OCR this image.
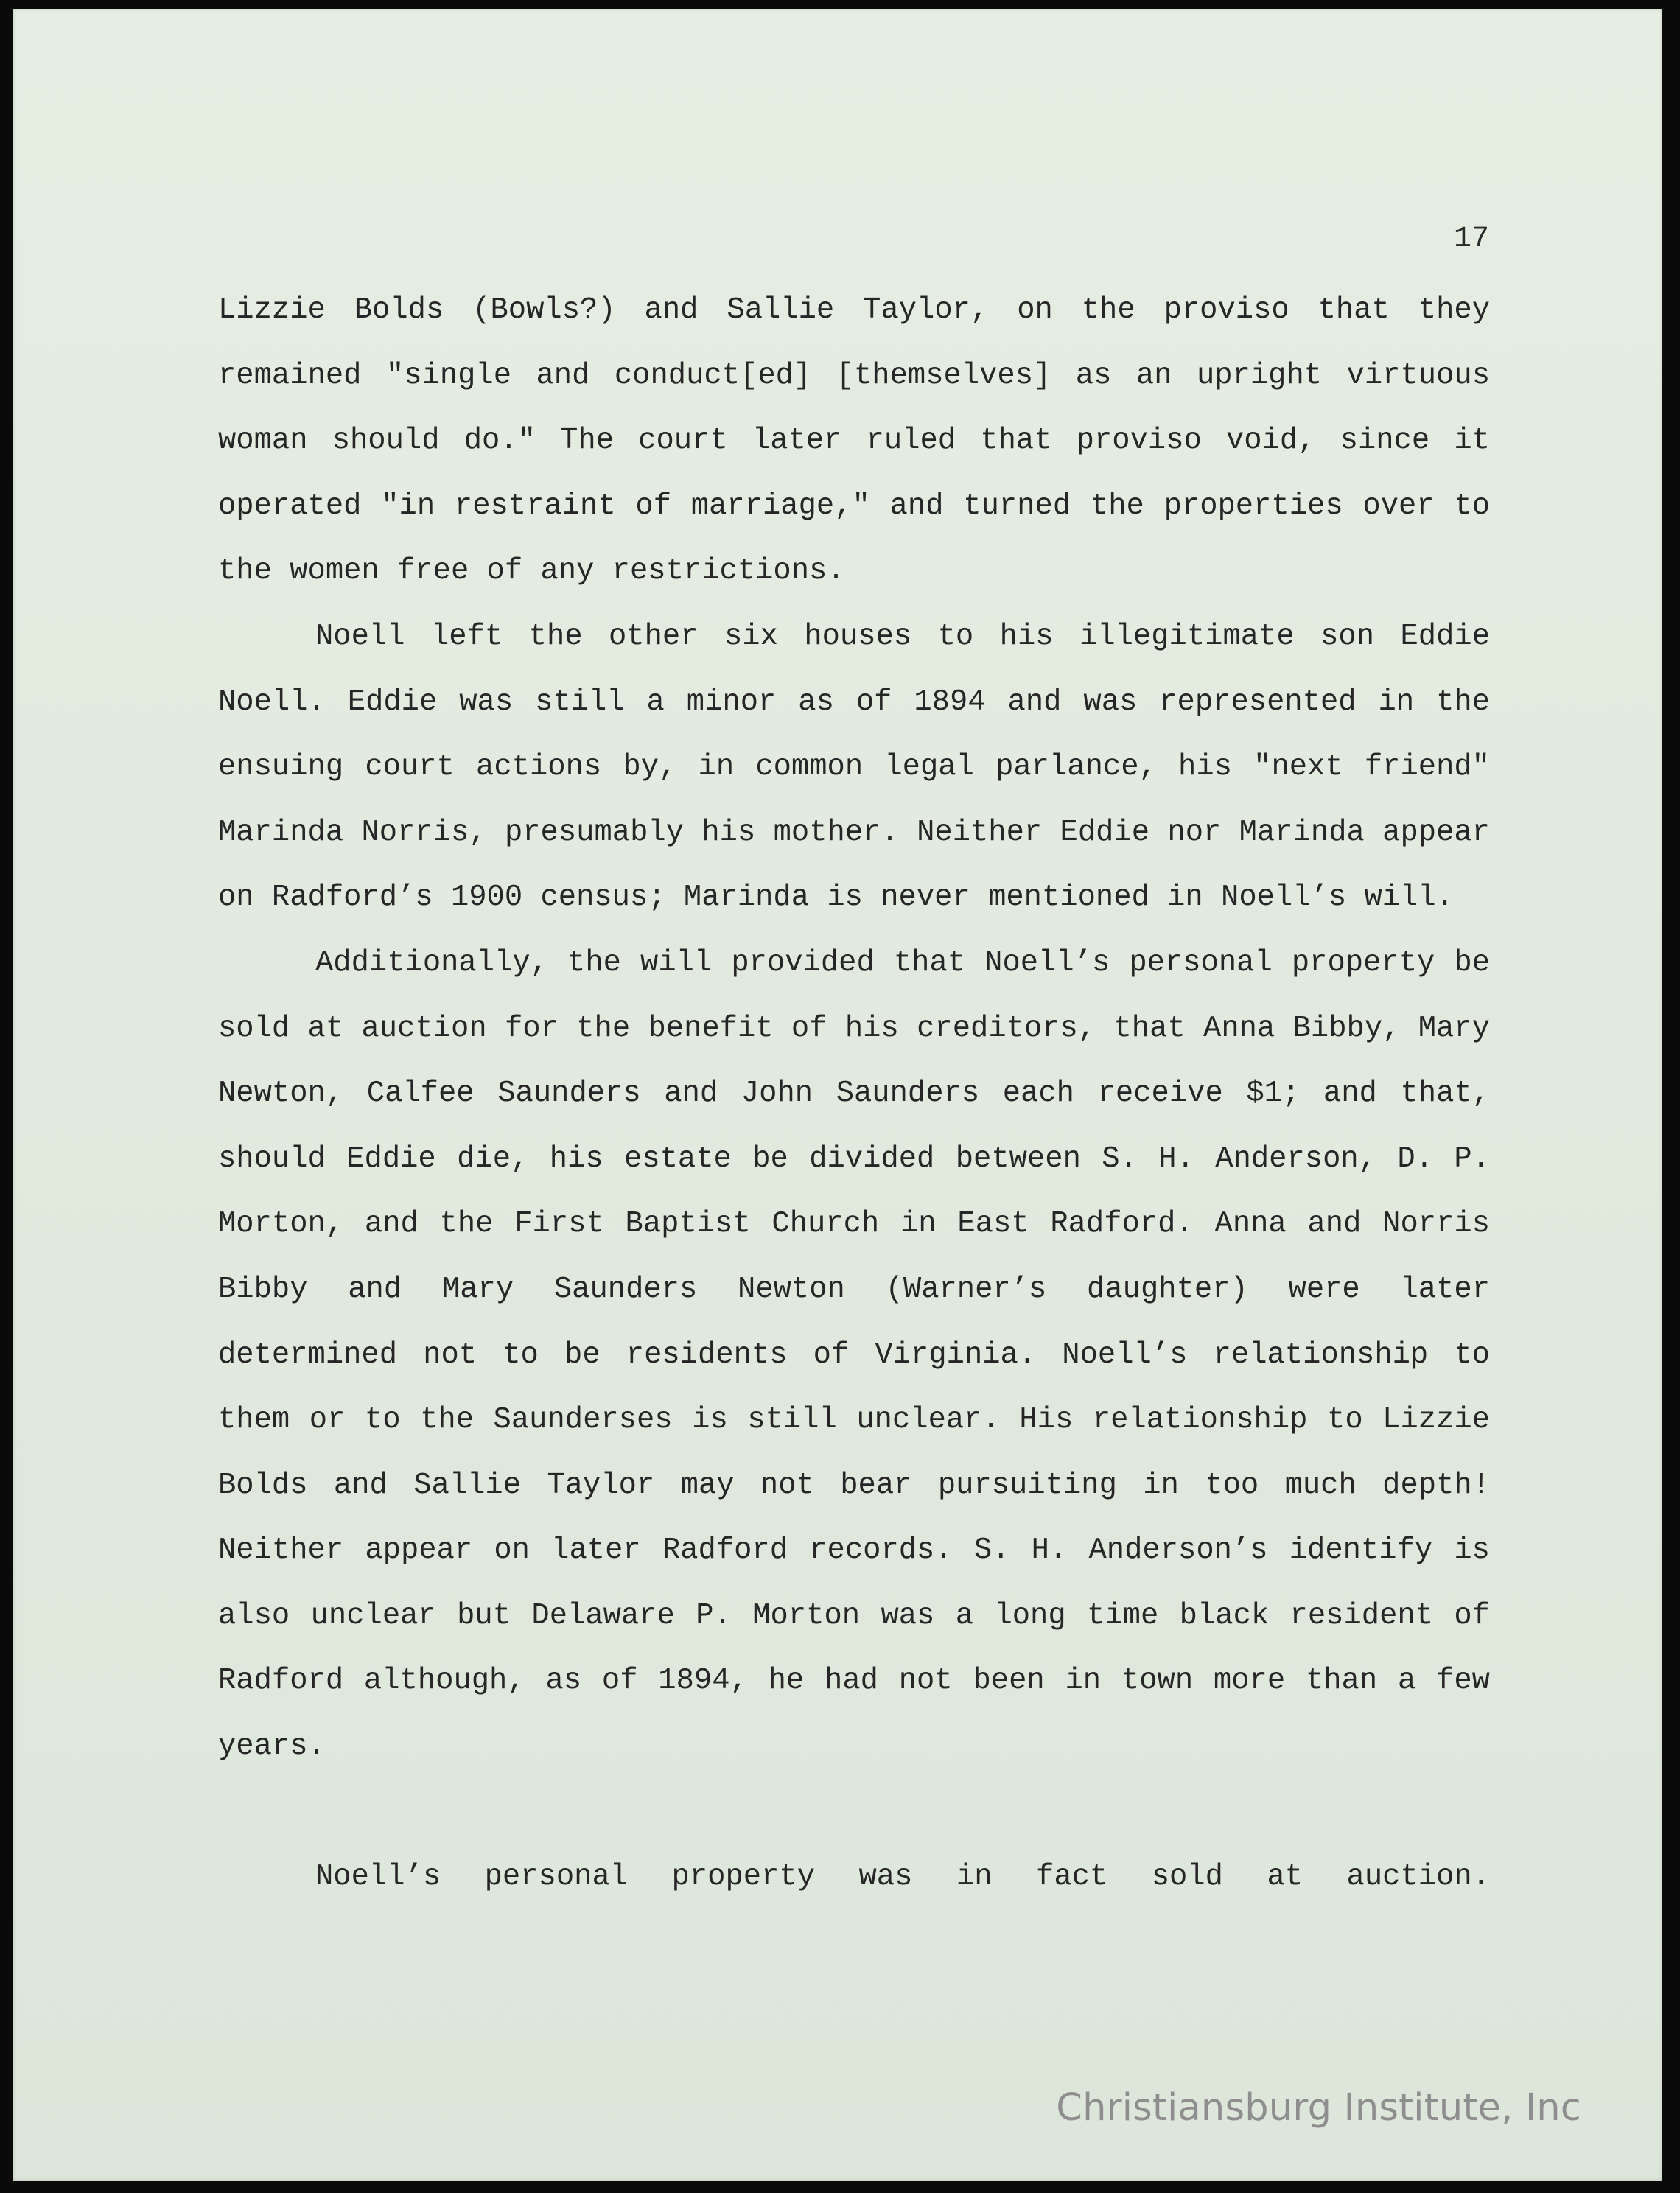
17

Lizzie Bolds (Bowls?) and Sallie Taylor, on the proviso that they remained "single and conduct[ed] [themselves] as an upright virtuous woman should do." The court later ruled that proviso void, since it operated "in restraint of marriage," and turned the properties over to the women free of any restrictions.

Noell left the other six houses to his illegitimate son Eddie Noell. Eddie was still a minor as of 1894 and was represented in the ensuing court actions by, in common legal parlance, his "next friend" Marinda Norris, presumably his mother. Neither Eddie nor Marinda appear on Radford’s 1900 census; Marinda is never mentioned in Noell’s will.

Additionally, the will provided that Noell’s personal property be sold at auction for the benefit of his creditors, that Anna Bibby, Mary Newton, Calfee Saunders and John Saunders each receive $1; and that, should Eddie die, his estate be divided between S. H. Anderson, D. P. Morton, and the First Baptist Church in East Radford. Anna and Norris Bibby and Mary Saunders Newton (Warner’s daughter) were later determined not to be residents of Virginia. Noell’s relationship to them or to the Saunderses is still unclear. His relationship to Lizzie Bolds and Sallie Taylor may not bear pursuiting in too much depth! Neither appear on later Radford records. S. H. Anderson’s identify is also unclear but Delaware P. Morton was a long time black resident of Radford although, as of 1894, he had not been in town more than a few years.

Noell’s personal property was in fact sold at auction.

Christiansburg Institute, Inc
